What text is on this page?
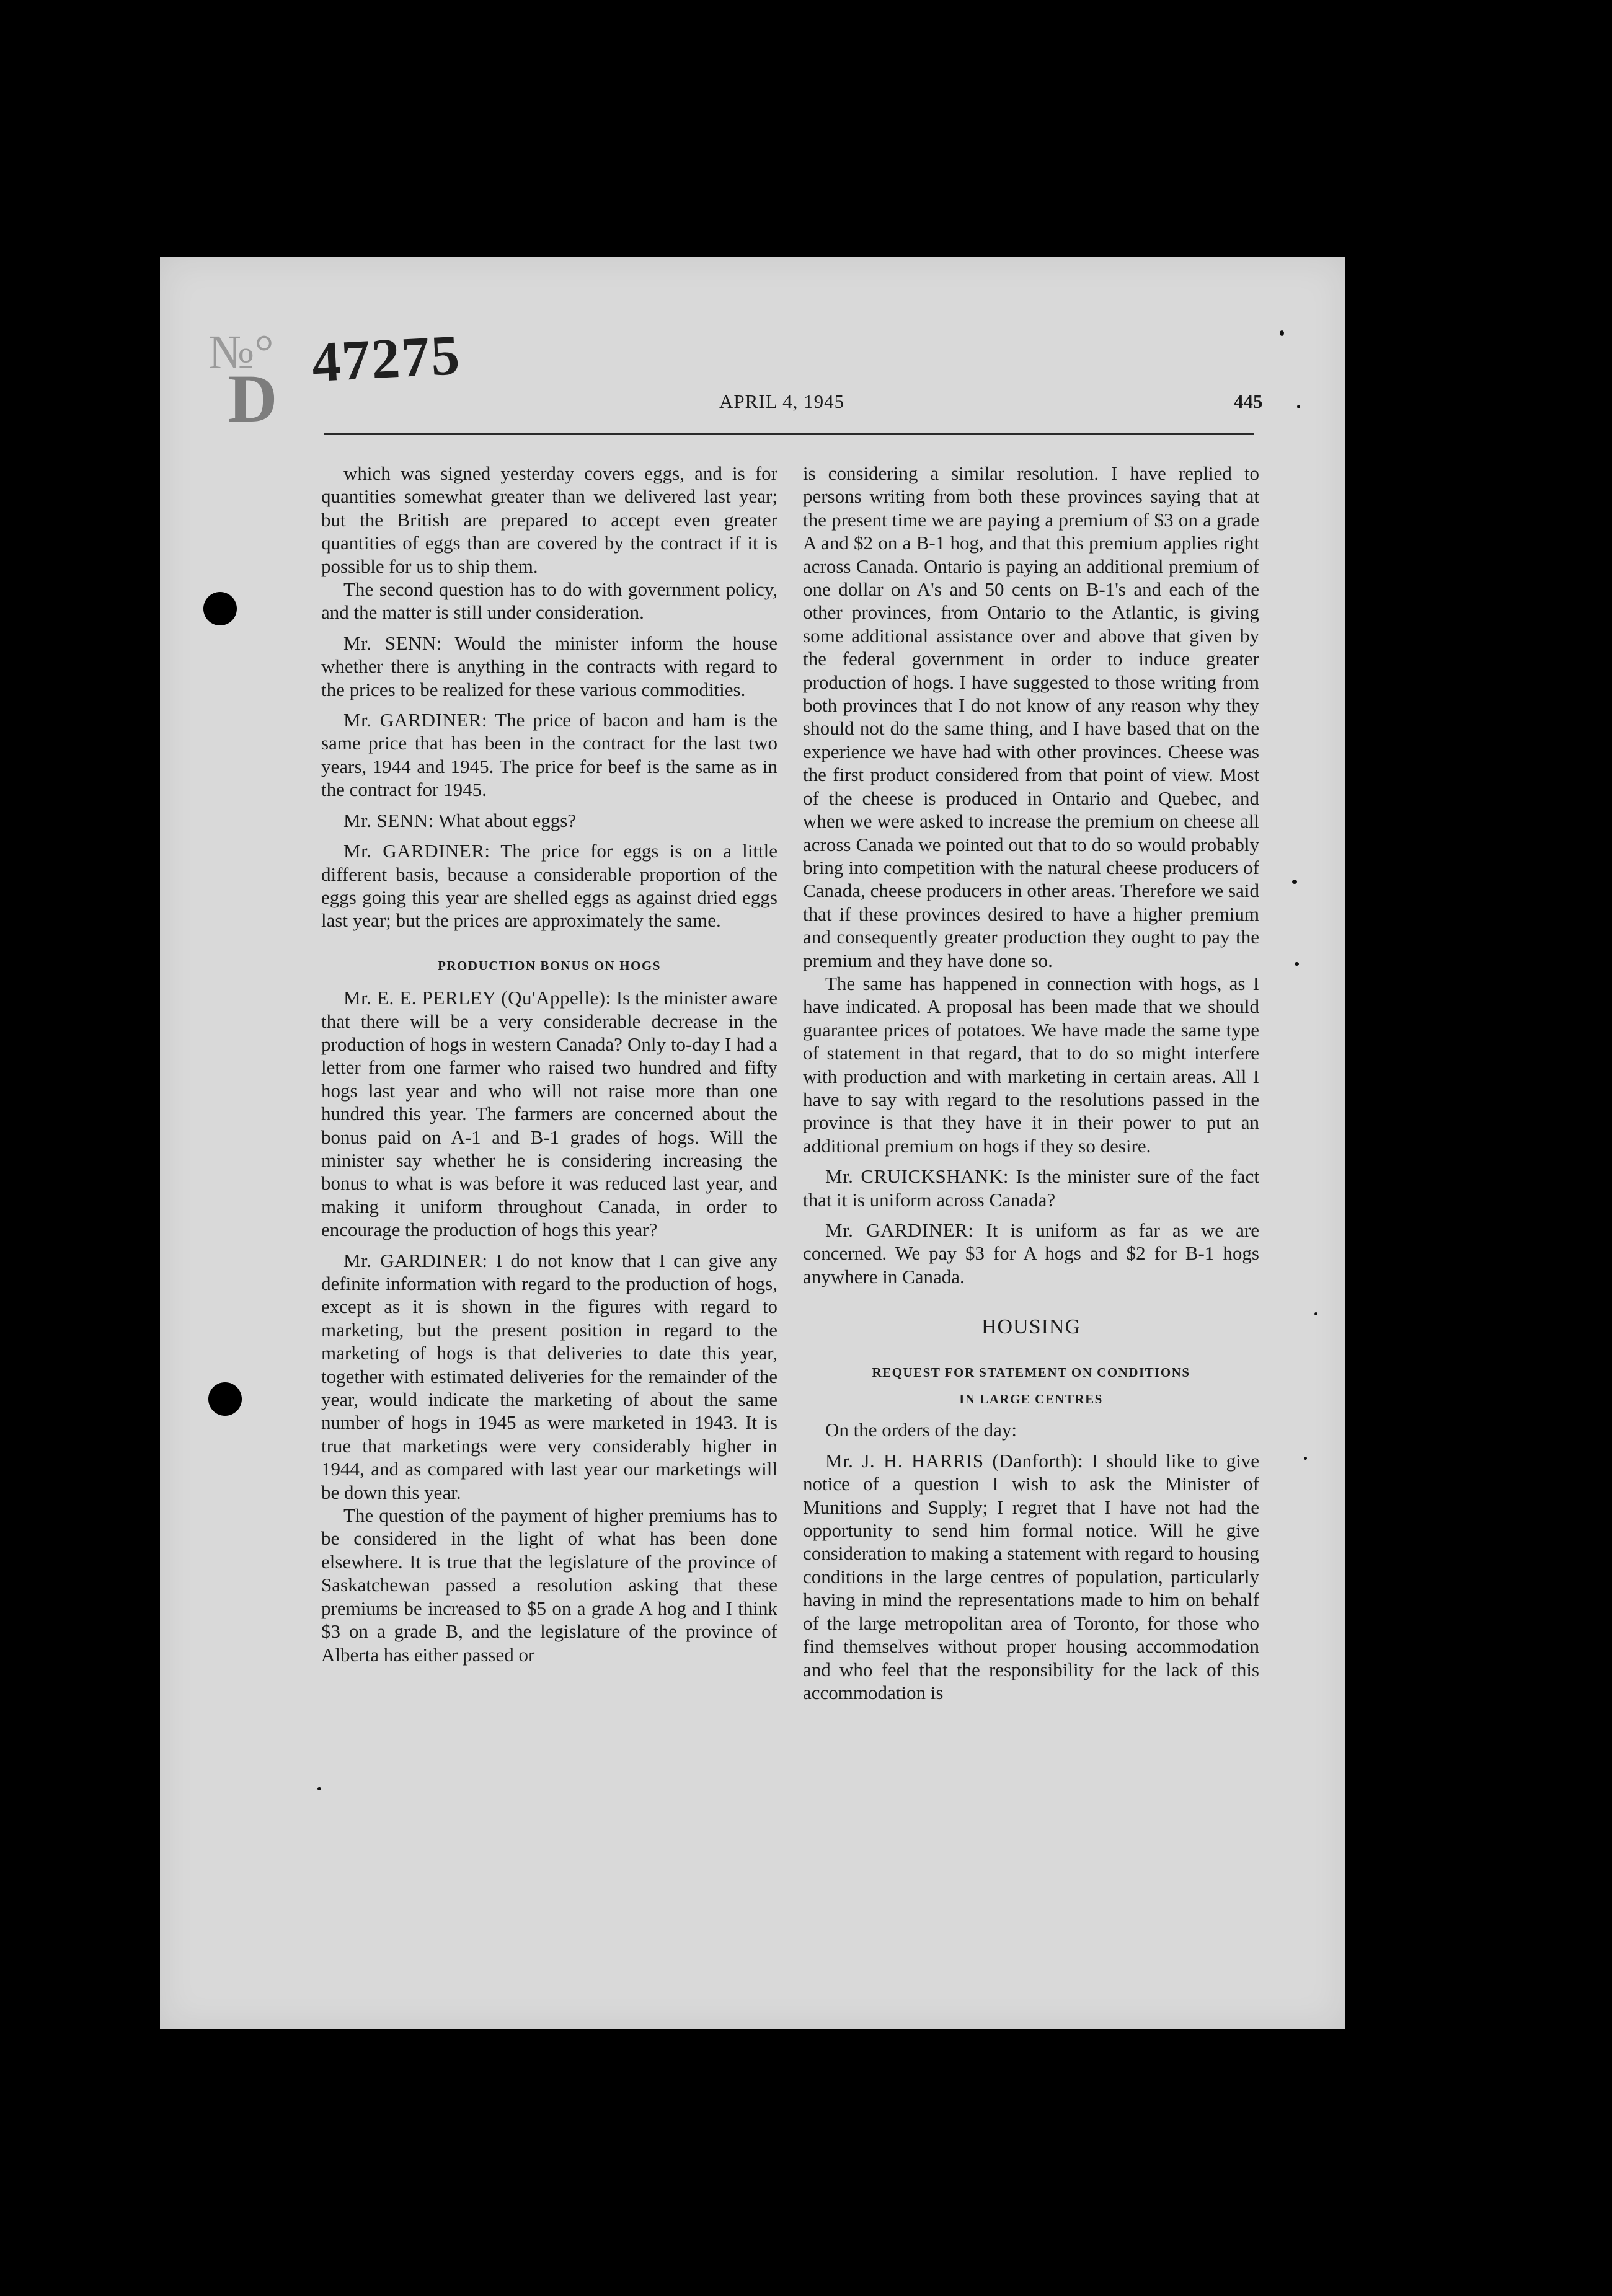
№°
D
47275
APRIL 4, 1945	445

which was signed yesterday covers eggs, and is for quantities somewhat greater than we delivered last year; but the British are prepared to accept even greater quantities of eggs than are covered by the contract if it is possible for us to ship them.

The second question has to do with government policy, and the matter is still under consideration.

Mr. SENN: Would the minister inform the house whether there is anything in the contracts with regard to the prices to be realized for these various commodities.

Mr. GARDINER: The price of bacon and ham is the same price that has been in the contract for the last two years, 1944 and 1945. The price for beef is the same as in the contract for 1945.

Mr. SENN: What about eggs?

Mr. GARDINER: The price for eggs is on a little different basis, because a considerable proportion of the eggs going this year are shelled eggs as against dried eggs last year; but the prices are approximately the same.

PRODUCTION BONUS ON HOGS

Mr. E. E. PERLEY (Qu'Appelle): Is the minister aware that there will be a very considerable decrease in the production of hogs in western Canada? Only to-day I had a letter from one farmer who raised two hundred and fifty hogs last year and who will not raise more than one hundred this year. The farmers are concerned about the bonus paid on A-1 and B-1 grades of hogs. Will the minister say whether he is considering increasing the bonus to what is was before it was reduced last year, and making it uniform throughout Canada, in order to encourage the production of hogs this year?

Mr. GARDINER: I do not know that I can give any definite information with regard to the production of hogs, except as it is shown in the figures with regard to marketing, but the present position in regard to the marketing of hogs is that deliveries to date this year, together with estimated deliveries for the remainder of the year, would indicate the marketing of about the same number of hogs in 1945 as were marketed in 1943. It is true that marketings were very considerably higher in 1944, and as compared with last year our marketings will be down this year.

The question of the payment of higher premiums has to be considered in the light of what has been done elsewhere. It is true that the legislature of the province of Saskatchewan passed a resolution asking that these premiums be increased to $5 on a grade A hog and I think $3 on a grade B, and the legislature of the province of Alberta has either passed or

is considering a similar resolution. I have replied to persons writing from both these provinces saying that at the present time we are paying a premium of $3 on a grade A and $2 on a B-1 hog, and that this premium applies right across Canada. Ontario is paying an additional premium of one dollar on A's and 50 cents on B-1's and each of the other provinces, from Ontario to the Atlantic, is giving some additional assistance over and above that given by the federal government in order to induce greater production of hogs. I have suggested to those writing from both provinces that I do not know of any reason why they should not do the same thing, and I have based that on the experience we have had with other provinces. Cheese was the first product considered from that point of view. Most of the cheese is produced in Ontario and Quebec, and when we were asked to increase the premium on cheese all across Canada we pointed out that to do so would probably bring into competition with the natural cheese producers of Canada, cheese producers in other areas. Therefore we said that if these provinces desired to have a higher premium and consequently greater production they ought to pay the premium and they have done so.

The same has happened in connection with hogs, as I have indicated. A proposal has been made that we should guarantee prices of potatoes. We have made the same type of statement in that regard, that to do so might interfere with production and with marketing in certain areas. All I have to say with regard to the resolutions passed in the province is that they have it in their power to put an additional premium on hogs if they so desire.

Mr. CRUICKSHANK: Is the minister sure of the fact that it is uniform across Canada?

Mr. GARDINER: It is uniform as far as we are concerned. We pay $3 for A hogs and $2 for B-1 hogs anywhere in Canada.

HOUSING
REQUEST FOR STATEMENT ON CONDITIONS
IN LARGE CENTRES

On the orders of the day:

Mr. J. H. HARRIS (Danforth): I should like to give notice of a question I wish to ask the Minister of Munitions and Supply; I regret that I have not had the opportunity to send him formal notice. Will he give consideration to making a statement with regard to housing conditions in the large centres of population, particularly having in mind the representations made to him on behalf of the large metropolitan area of Toronto, for those who find themselves without proper housing accommodation and who feel that the responsibility for the lack of this accommodation is
